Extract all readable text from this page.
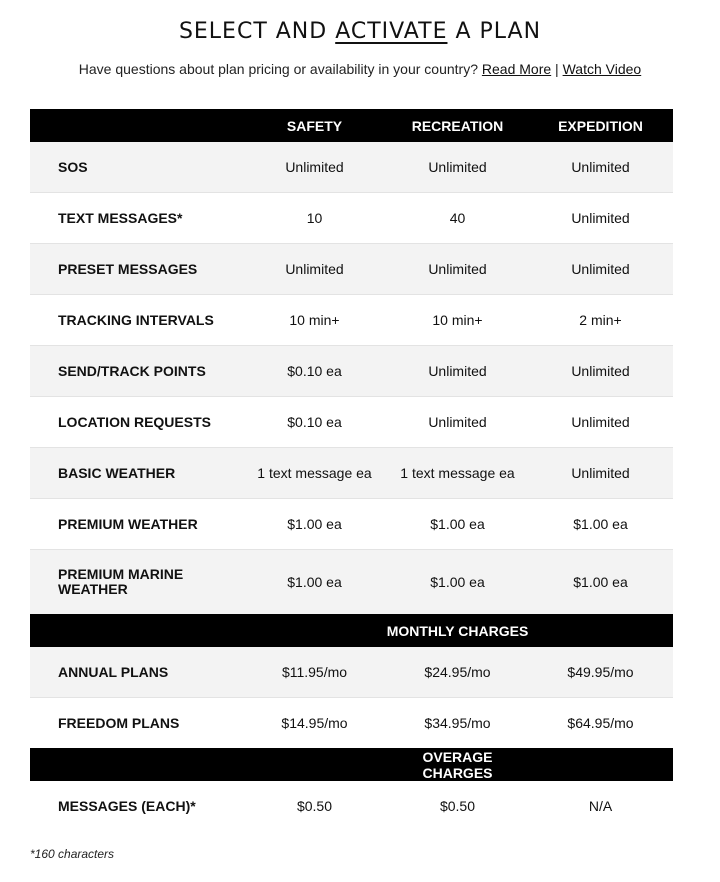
SELECT AND ACTIVATE A PLAN
Have questions about plan pricing or availability in your country? Read More | Watch Video
SAFETY	RECREATION	EXPEDITION
SOS	Unlimited	Unlimited	Unlimited
TEXT MESSAGES*	10	40	Unlimited
PRESET MESSAGES	Unlimited	Unlimited	Unlimited
TRACKING INTERVALS	10 min+	10 min+	2 min+
SEND/TRACK POINTS	$0.10 ea	Unlimited	Unlimited
LOCATION REQUESTS	$0.10 ea	Unlimited	Unlimited
BASIC WEATHER	1 text message ea	1 text message ea	Unlimited
PREMIUM WEATHER	$1.00 ea	$1.00 ea	$1.00 ea
PREMIUM MARINE WEATHER	$1.00 ea	$1.00 ea	$1.00 ea
MONTHLY CHARGES
ANNUAL PLANS	$11.95/mo	$24.95/mo	$49.95/mo
FREEDOM PLANS	$14.95/mo	$34.95/mo	$64.95/mo
OVERAGE CHARGES
MESSAGES (EACH)*	$0.50	$0.50	N/A
*160 characters
